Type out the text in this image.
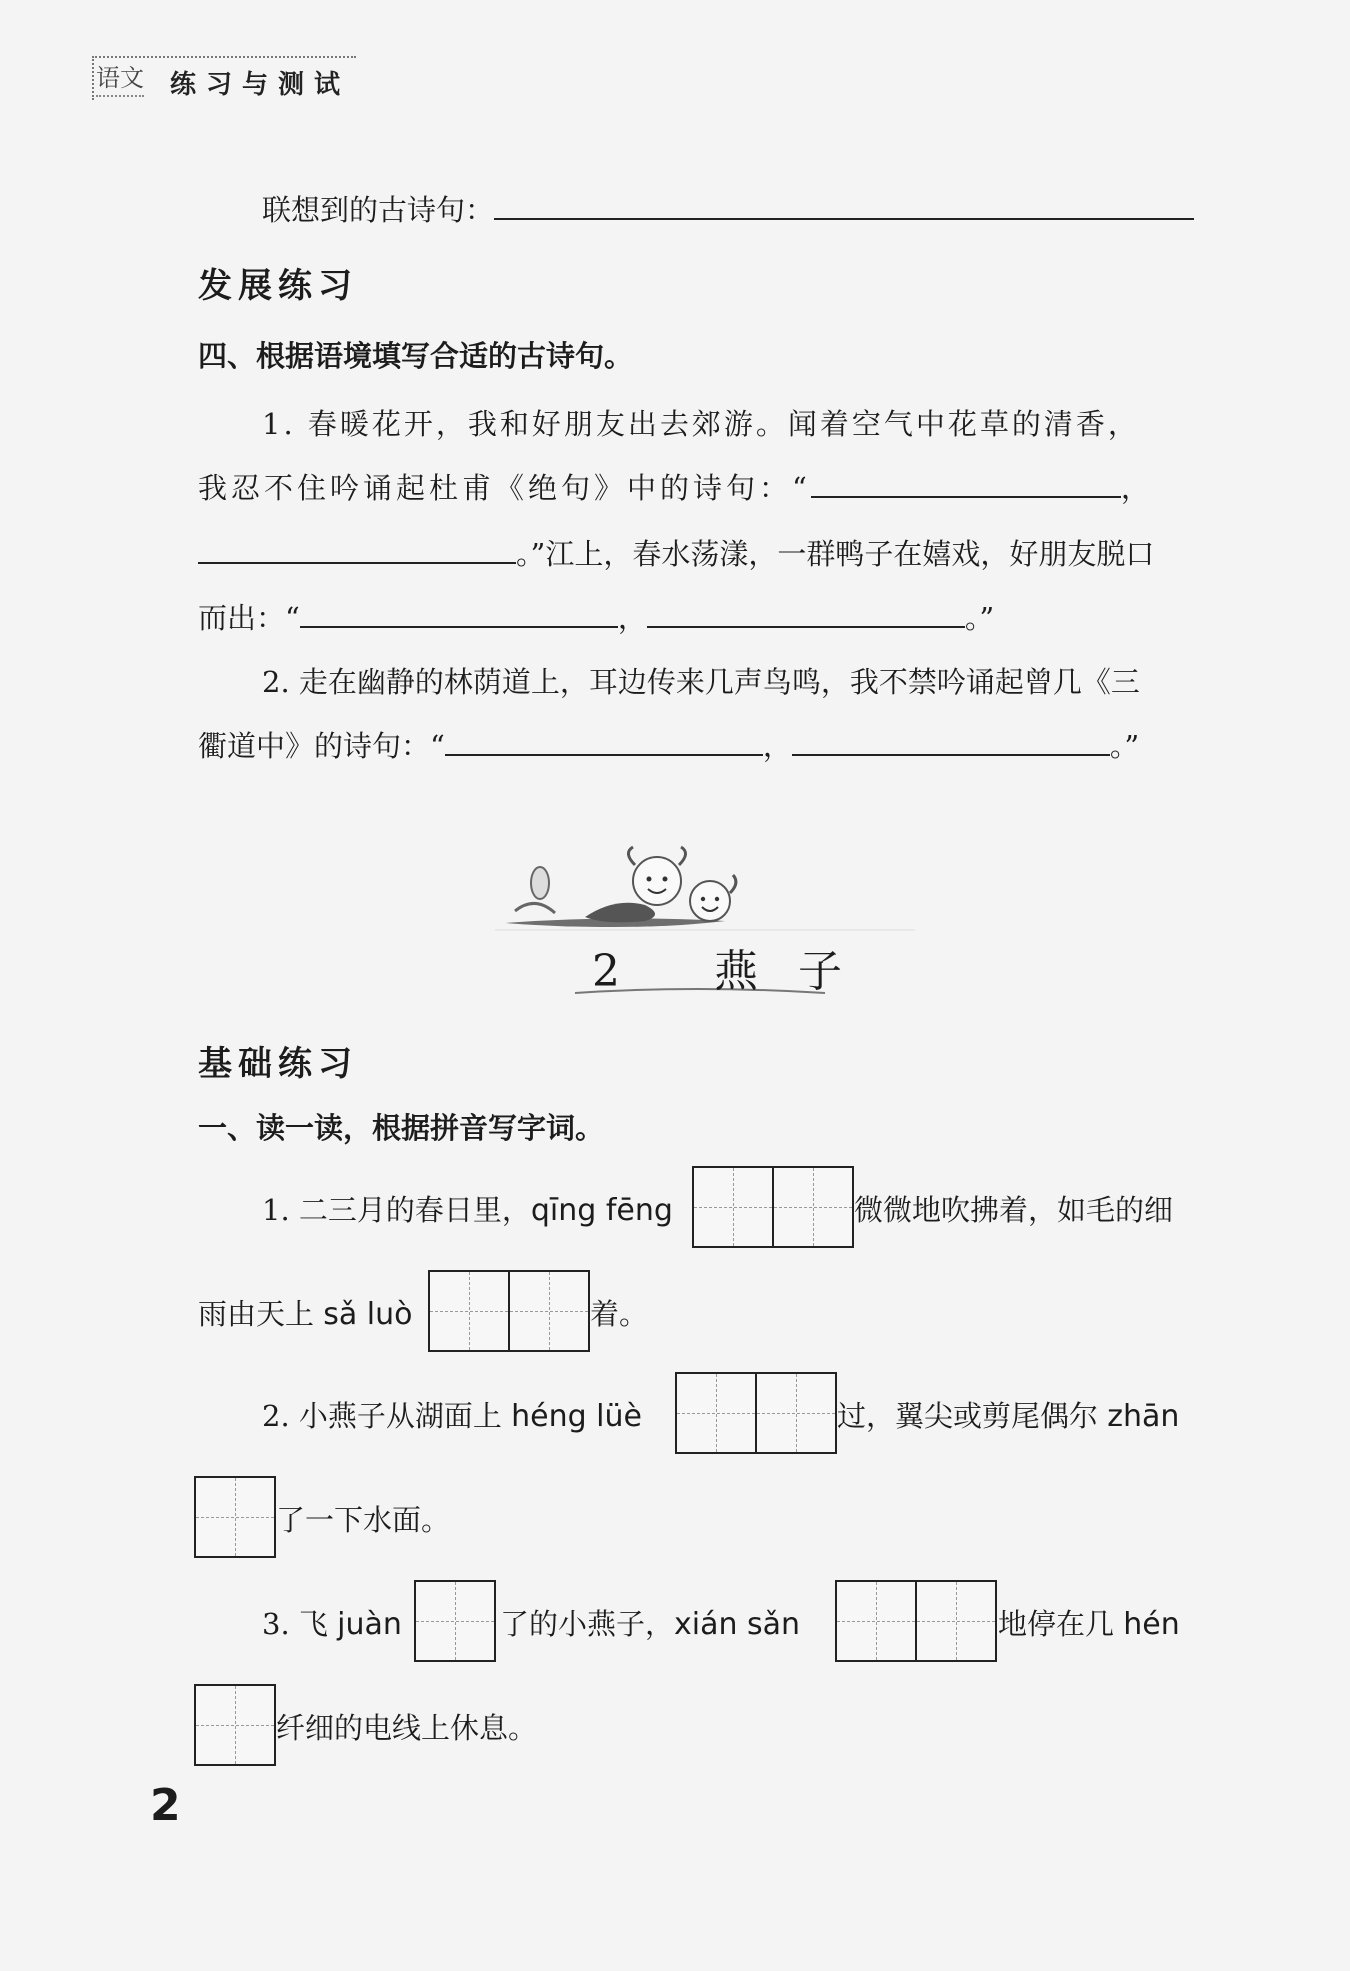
语文 练习与测试
联想到的古诗句：
发展练习
四、根据语境填写合适的古诗句。
1. 春暖花开，我和好朋友出去郊游。闻着空气中花草的清香，
我忍不住吟诵起杜甫《绝句》中的诗句：“	，
。”江上，春水荡漾，一群鸭子在嬉戏，好朋友脱口
而出：“	，	。”
2. 走在幽静的林荫道上，耳边传来几声鸟鸣，我不禁吟诵起曾几《三
衢道中》的诗句：“	，	。”
2 燕子
基础练习
一、读一读，根据拼音写字词。
1. 二三月的春日里，qīng fēng	微微地吹拂着，如毛的细
雨由天上 sǎ luò	着。
2. 小燕子从湖面上 héng lüè	过，翼尖或剪尾偶尔 zhān
了一下水面。
3. 飞 juàn	了的小燕子，xián sǎn	地停在几 hén
纤细的电线上休息。
2
